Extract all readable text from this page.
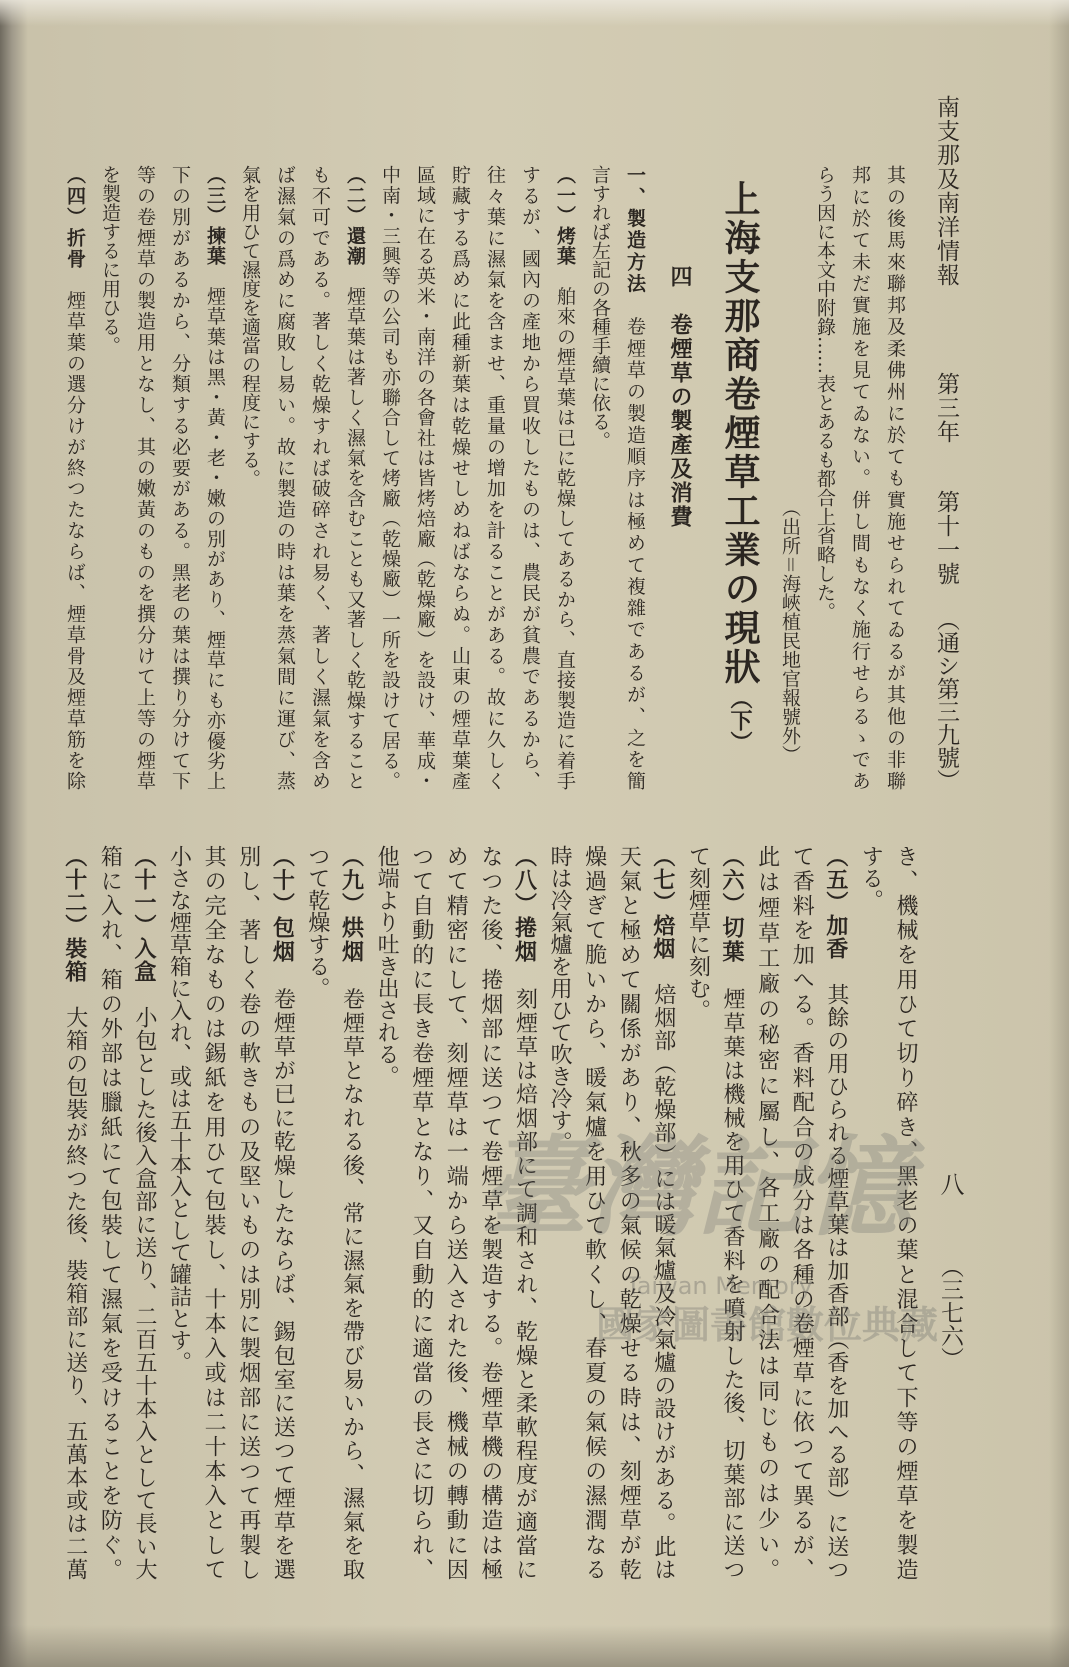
南支那及南洋情報
第三年
第十一號
（通シ第三九號）
八
（三七六）
其の後馬來聯邦及柔佛州に於ても實施せられてゐるが其他の非聯
邦に於て未だ實施を見てゐない。併し間もなく施行せらるゝであ
らう因に本文中附錄……表とあるも都合上省略した。
（出所＝海峽植民地官報號外）
上海支那商卷煙草工業の現狀（下）
四　卷煙草の製產及消費
一、製造方法　卷煙草の製造順序は極めて複雜であるが、之を簡
言すれば左記の各種手續に依る。
（一）烤葉　舶來の煙草葉は已に乾燥してあるから、直接製造に着手
するが、國內の產地から買收したものは、農民が貧農であるから、
往々葉に濕氣を含ませ、重量の增加を計ることがある。故に久しく
貯藏する爲めに此種新葉は乾燥せしめねばならぬ。山東の煙草葉產
區域に在る英米・南洋の各會社は皆烤焙廠（乾燥廠）を設け、華成・
中南・三興等の公司も亦聯合して烤廠（乾燥廠）一所を設けて居る。
（二）還潮　煙草葉は著しく濕氣を含むことも又著しく乾燥すること
も不可である。著しく乾燥すれば破碎され易く、著しく濕氣を含め
ば濕氣の爲めに腐敗し易い。故に製造の時は葉を蒸氣間に運び、蒸
氣を用ひて濕度を適當の程度にする。
（三）揀葉　煙草葉は黑・黃・老・嫩の別があり、煙草にも亦優劣上
下の別があるから、分類する必要がある。黑老の葉は撰り分けて下
等の卷煙草の製造用となし、其の嫩黃のものを撰分けて上等の煙草
を製造するに用ひる。
（四）折骨　煙草葉の選分けが終つたならば、煙草骨及煙草筋を除
き、機械を用ひて切り碎き、黑老の葉と混合して下等の煙草を製造
する。
（五）加香　其餘の用ひられる煙草葉は加香部（香を加へる部）に送つ
て香料を加へる。香料配合の成分は各種の卷煙草に依つて異るが、
此は煙草工廠の秘密に屬し、各工廠の配合法は同じものは少い。
（六）切葉　煙草葉は機械を用ひて香料を噴射した後、切葉部に送つ
て刻煙草に刻む。
（七）焙烟　焙烟部（乾燥部）には暖氣爐及冷氣爐の設けがある。此は
天氣と極めて關係があり、秋多の氣候の乾燥せる時は、刻煙草が乾
燥過ぎて脆いから、暖氣爐を用ひて軟くし、春夏の氣候の濕潤なる
時は冷氣爐を用ひて吹き冷す。
（八）捲烟　刻煙草は焙烟部にて調和され、乾燥と柔軟程度が適當に
なつた後、捲烟部に送つて卷煙草を製造する。卷煙草機の構造は極
めて精密にして、刻煙草は一端から送入された後、機械の轉動に因
つて自動的に長き卷煙草となり、又自動的に適當の長さに切られ、
他端より吐き出される。
（九）烘烟　卷煙草となれる後、常に濕氣を帶び易いから、濕氣を取
つて乾燥する。
（十）包烟　卷煙草が已に乾燥したならば、錫包室に送つて煙草を選
別し、著しく卷の軟きもの及堅いものは別に製烟部に送つて再製し
其の完全なものは錫紙を用ひて包裝し、十本入或は二十本入として
小さな煙草箱に入れ、或は五十本入として罐詰とす。
（十一）入盒　小包とした後入盒部に送り、二百五十本入として長い大
箱に入れ、箱の外部は臘紙にて包裝して濕氣を受けることを防ぐ。
（十二）裝箱　大箱の包裝が終つた後、裝箱部に送り、五萬本或は二萬	臺灣記憶
Taiwan Memory
國家圖書館數位典藏
